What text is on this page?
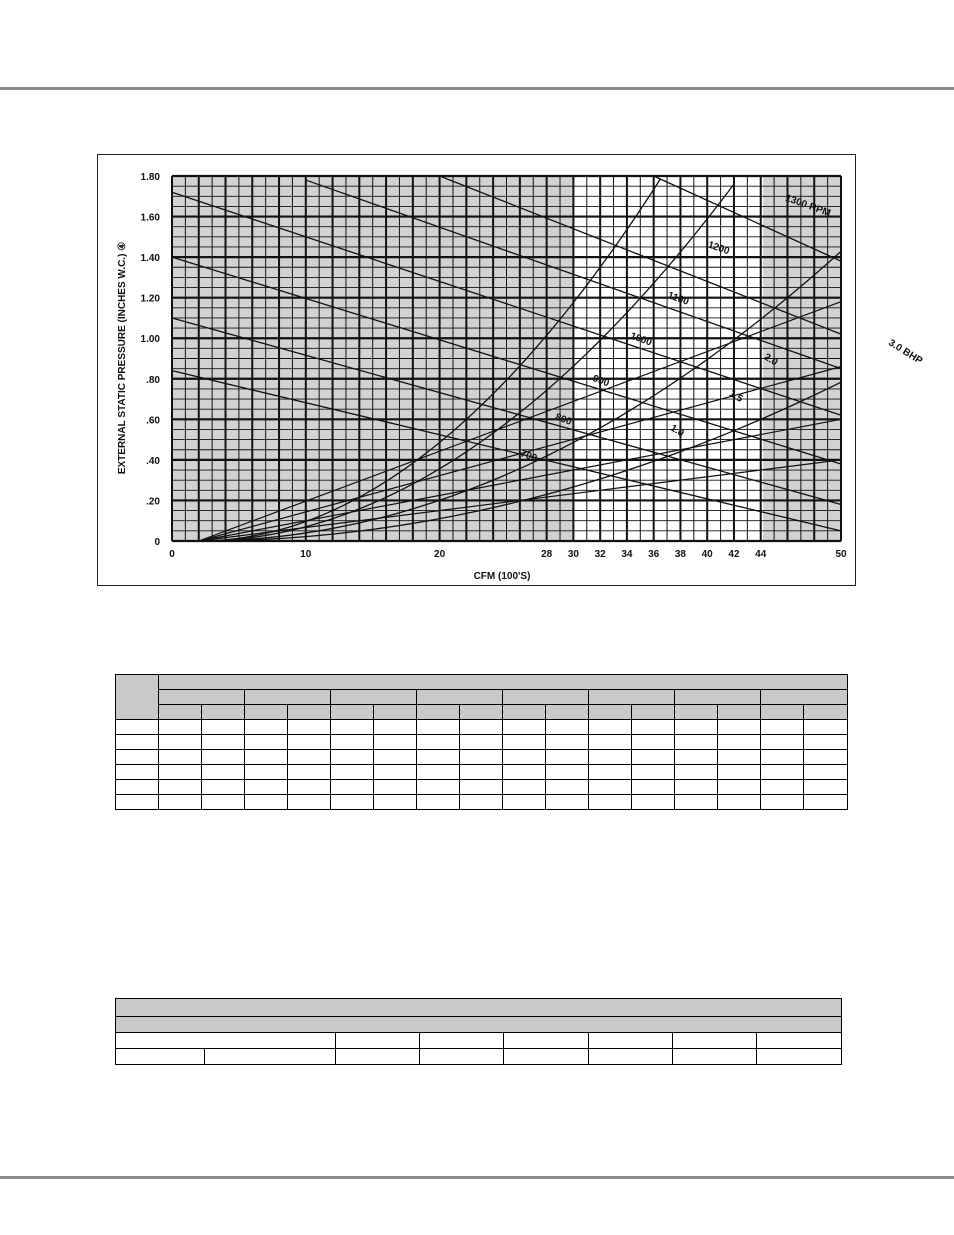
700
800
900
1000
1100
1200
1300 RPM
1.0
1.5
2.0	3.0 BHP
0	10	20	28 30 32 34 36 38 40 42 44	50
0
.20
.40
.60
.80
1.00
1.20
1.40
1.60
1.80
EXTERNAL STATIC PRESSURE (INCHES W.C.) ④
CFM (100'S)
